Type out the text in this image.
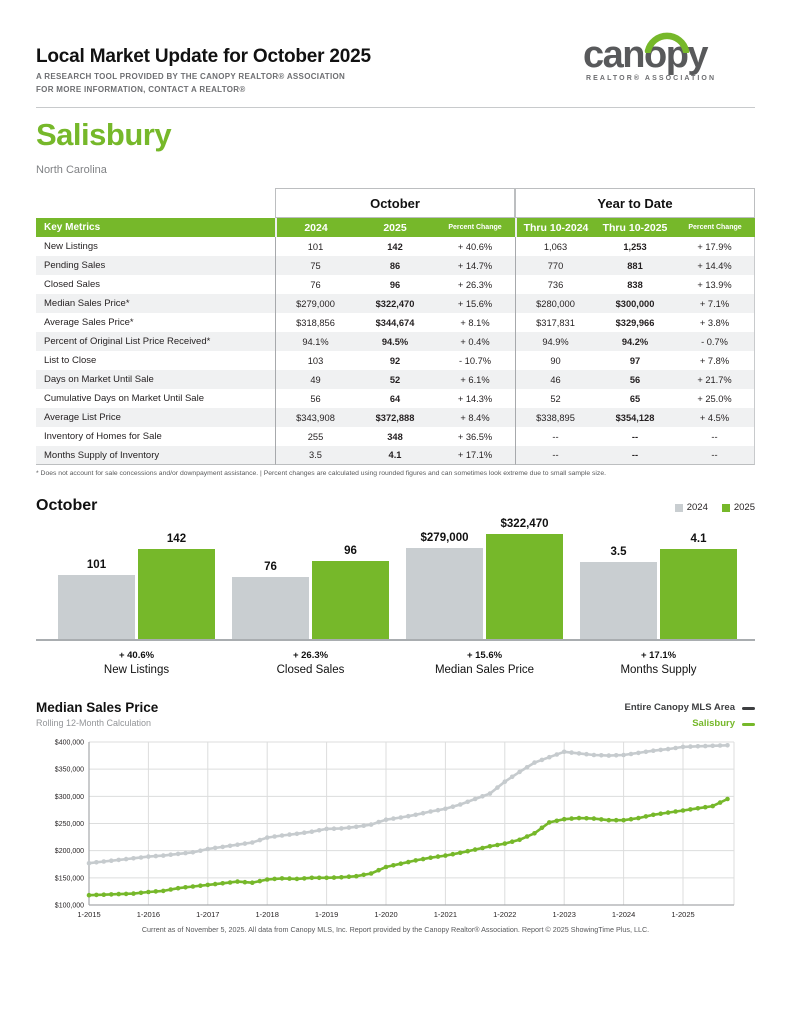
Local Market Update for October 2025
A RESEARCH TOOL PROVIDED BY THE CANOPY REALTOR® ASSOCIATION
FOR MORE INFORMATION, CONTACT A REALTOR®
canopy
REALTOR® ASSOCIATION
Salisbury
North Carolina
	October			Year to Date		
Key Metrics	2024	2025	Percent Change	Thru 10-2024	Thru 10-2025	Percent Change
New Listings	101	142	+ 40.6%	1,063	1,253	+ 17.9%
Pending Sales	75	86	+ 14.7%	770	881	+ 14.4%
Closed Sales	76	96	+ 26.3%	736	838	+ 13.9%
Median Sales Price*	$279,000	$322,470	+ 15.6%	$280,000	$300,000	+ 7.1%
Average Sales Price*	$318,856	$344,674	+ 8.1%	$317,831	$329,966	+ 3.8%
Percent of Original List Price Received*	94.1%	94.5%	+ 0.4%	94.9%	94.2%	- 0.7%
List to Close	103	92	- 10.7%	90	97	+ 7.8%
Days on Market Until Sale	49	52	+ 6.1%	46	56	+ 21.7%
Cumulative Days on Market Until Sale	56	64	+ 14.3%	52	65	+ 25.0%
Average List Price	$343,908	$372,888	+ 8.4%	$338,895	$354,128	+ 4.5%
Inventory of Homes for Sale	255	348	+ 36.5%	--	--	--
Months Supply of Inventory	3.5	4.1	+ 17.1%	--	--	--
* Does not account for sale concessions and/or downpayment assistance. | Percent changes are calculated using rounded figures and can sometimes look extreme due to small sample size.
October	2024	2025
101
142
76
96
$279,000
$322,470
3.5
4.1
+ 40.6%
New Listings
+ 26.3%
Closed Sales
+ 15.6%
Median Sales Price
+ 17.1%
Months Supply
Median Sales Price
Rolling 12-Month Calculation
Entire Canopy MLS Area
Salisbury
$400,000
$350,000
$300,000
$250,000
$200,000
$150,000
$100,000
1-2015	1-2016	1-2017	1-2018	1-2019	1-2020	1-2021	1-2022	1-2023	1-2024	1-2025
Current as of November 5, 2025. All data from Canopy MLS, Inc. Report provided by the Canopy Realtor® Association. Report © 2025 ShowingTime Plus, LLC.
